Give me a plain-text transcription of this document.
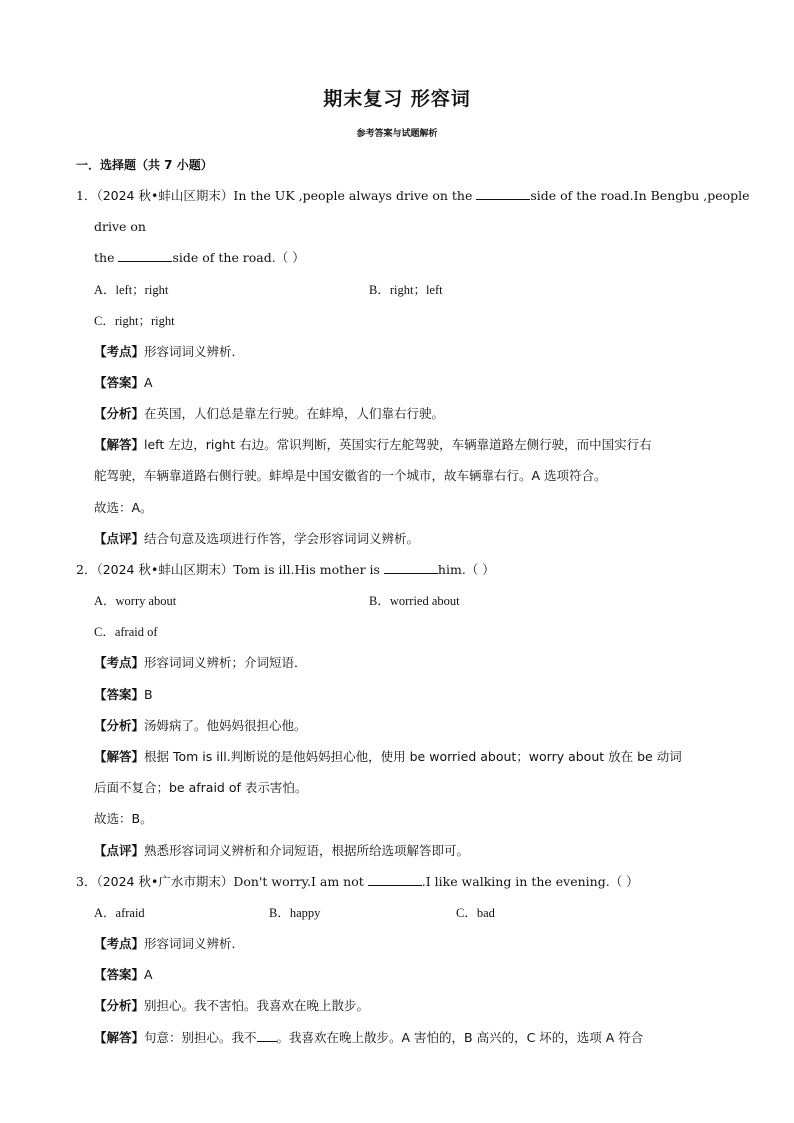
期末复习 形容词
参考答案与试题解析
一．选择题（共 7 小题）
1．（2024 秋•蚌山区期末）In the UK ,people always drive on the	side of the road.In Bengbu ,people
drive on
the	side of the road.（ ）
A．left；right	B．right；left
C．right；right
【考点】形容词词义辨析．
【答案】A
【分析】在英国，人们总是靠左行驶。在蚌埠，人们靠右行驶。
【解答】left 左边，right 右边。常识判断，英国实行左舵驾驶，车辆靠道路左侧行驶，而中国实行右
舵驾驶，车辆靠道路右侧行驶。蚌埠是中国安徽省的一个城市，故车辆靠右行。A 选项符合。
故选：A。
【点评】结合句意及选项进行作答，学会形容词词义辨析。
2．（2024 秋•蚌山区期末）Tom is ill.His mother is	him.（ ）
A．worry about	B．worried about
C．afraid of
【考点】形容词词义辨析；介词短语．
【答案】B
【分析】汤姆病了。他妈妈很担心他。
【解答】根据 Tom is ill.判断说的是他妈妈担心他，使用 be worried about；worry about 放在 be 动词
后面不复合；be afraid of 表示害怕。
故选：B。
【点评】熟悉形容词词义辨析和介词短语，根据所给选项解答即可。
3．（2024 秋•广水市期末）Don't worry.I am not	.I like walking in the evening.（ ）
A．afraid	B．happy	C．bad
【考点】形容词词义辨析．
【答案】A
【分析】别担心。我不害怕。我喜欢在晚上散步。
【解答】句意：别担心。我不 。我喜欢在晚上散步。A 害怕的，B 高兴的，C 坏的，选项 A 符合
